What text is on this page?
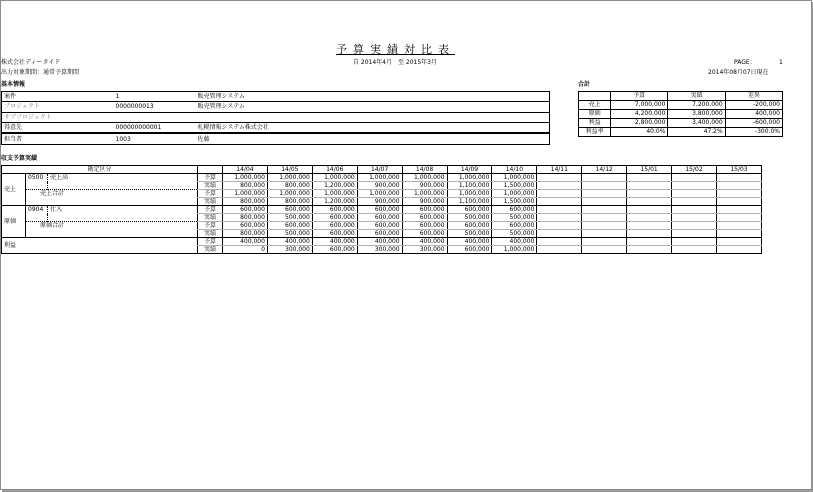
予算実績対比表
株式会社ディータイド
出力対象期間：通常予算期間
自 2014年4月　至 2015年3月	PAGE：	1
2014年08月07日現在
基本情報
案件	1	販売管理システム
プロジェクト	0000000013	販売管理システム
サブプロジェクト		
得意先	000000000001	札幌情報システム株式会社
担当者	1003	佐藤
合計
	予算	実績	差異
売上	7,000,000	7,200,000	-200,000
原価	4,200,000	3,800,000	400,000
利益	2,800,000	3,400,000	-600,000
利益率	40.0%	47.2%	-300.0%
収支予算実績
勘定区分				14/04	14/05	14/06	14/07	14/08	14/09	14/10	14/11	14/12	15/01	15/02	15/03
売上	0500	売上高	予算	1,000,000	1,000,000	1,000,000	1,000,000	1,000,000	1,000,000	1,000,000					
			実績	800,000	800,000	1,200,000	900,000	900,000	1,100,000	1,500,000					
	売上合計		予算	1,000,000	1,000,000	1,000,000	1,000,000	1,000,000	1,000,000	1,000,000					
			実績	800,000	800,000	1,200,000	900,000	900,000	1,100,000	1,500,000					
原価	0904	仕入	予算	600,000	600,000	600,000	600,000	600,000	600,000	600,000					
			実績	800,000	500,000	600,000	600,000	600,000	500,000	500,000					
	原価合計		予算	600,000	600,000	600,000	600,000	600,000	600,000	600,000					
			実績	800,000	500,000	600,000	600,000	600,000	500,000	500,000					
利益			予算	400,000	400,000	400,000	400,000	400,000	400,000	400,000					
			実績	0	300,000	600,000	300,000	300,000	600,000	1,000,000					
